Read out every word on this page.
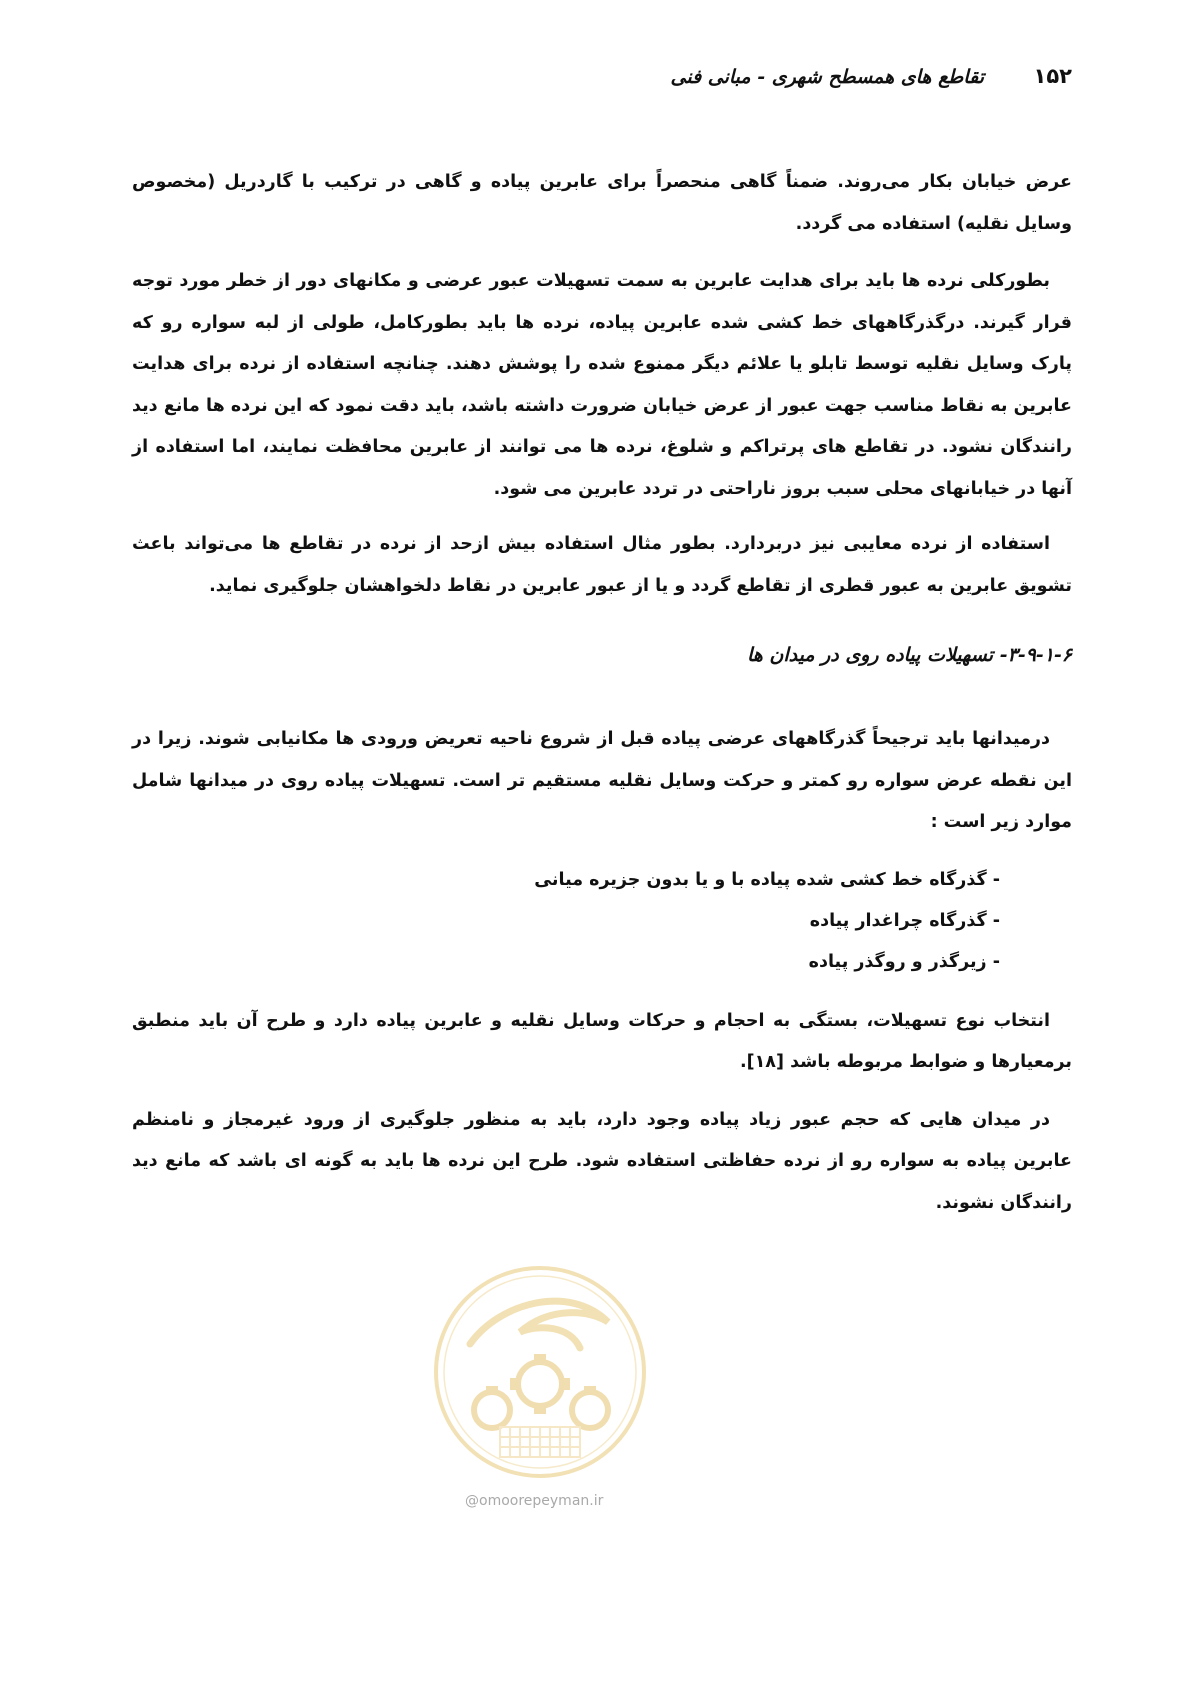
۱۵۲
تقاطع های همسطح شهری - مبانی فنی

عرض خیابان بکار می‌روند. ضمناً گاهی منحصراً برای عابرین پیاده و گاهی در ترکیب با گاردریل (مخصوص وسایل نقلیه) استفاده می گردد.

بطورکلی نرده ها باید برای هدایت عابرین به سمت تسهیلات عبور عرضی و مکانهای دور از خطر مورد توجه قرار گیرند. درگذرگاههای خط کشی شده عابرین پیاده، نرده ها باید بطورکامل، طولی از لبه سواره رو که پارک وسایل نقلیه توسط تابلو یا علائم دیگر ممنوع شده را پوشش دهند. چنانچه استفاده از نرده برای هدایت عابرین به نقاط مناسب جهت عبور از عرض خیابان ضرورت داشته باشد، باید دقت نمود که این نرده ها مانع دید رانندگان نشود. در تقاطع های پرتراکم و شلوغ، نرده ها می توانند از عابرین محافظت نمایند، اما استفاده از آنها در خیابانهای محلی سبب بروز ناراحتی در تردد عابرین می شود.

استفاده از نرده معایبی نیز دربردارد. بطور مثال استفاده بیش ازحد از نرده در تقاطع ها می‌تواند باعث تشویق عابرین به عبور قطری از تقاطع گردد و یا از عبور عابرین در نقاط دلخواهشان جلوگیری نماید.

۳-۹-۱-۶- تسهیلات پیاده روی در میدان ها

درمیدانها باید ترجیحاً گذرگاههای عرضی پیاده قبل از شروع ناحیه تعریض ورودی ها مکانیابی شوند. زیرا در این نقطه عرض سواره رو کمتر و حرکت وسایل نقلیه مستقیم تر است. تسهیلات پیاده روی در میدانها شامل موارد زیر است :

- گذرگاه خط کشی شده پیاده با و یا بدون جزیره میانی
- گذرگاه چراغدار پیاده
- زیرگذر و روگذر پیاده

انتخاب نوع تسهیلات، بستگی به احجام و حرکات وسایل نقلیه و عابرین پیاده دارد و طرح آن باید منطبق برمعیارها و ضوابط مربوطه باشد [۱۸].

در میدان هایی که حجم عبور زیاد پیاده وجود دارد، باید به منظور جلوگیری از ورود غیرمجاز و نامنظم عابرین پیاده به سواره رو از نرده حفاظتی استفاده شود. طرح این نرده ها باید به گونه ای باشد که مانع دید رانندگان نشوند.

@omoorepeyman.ir
